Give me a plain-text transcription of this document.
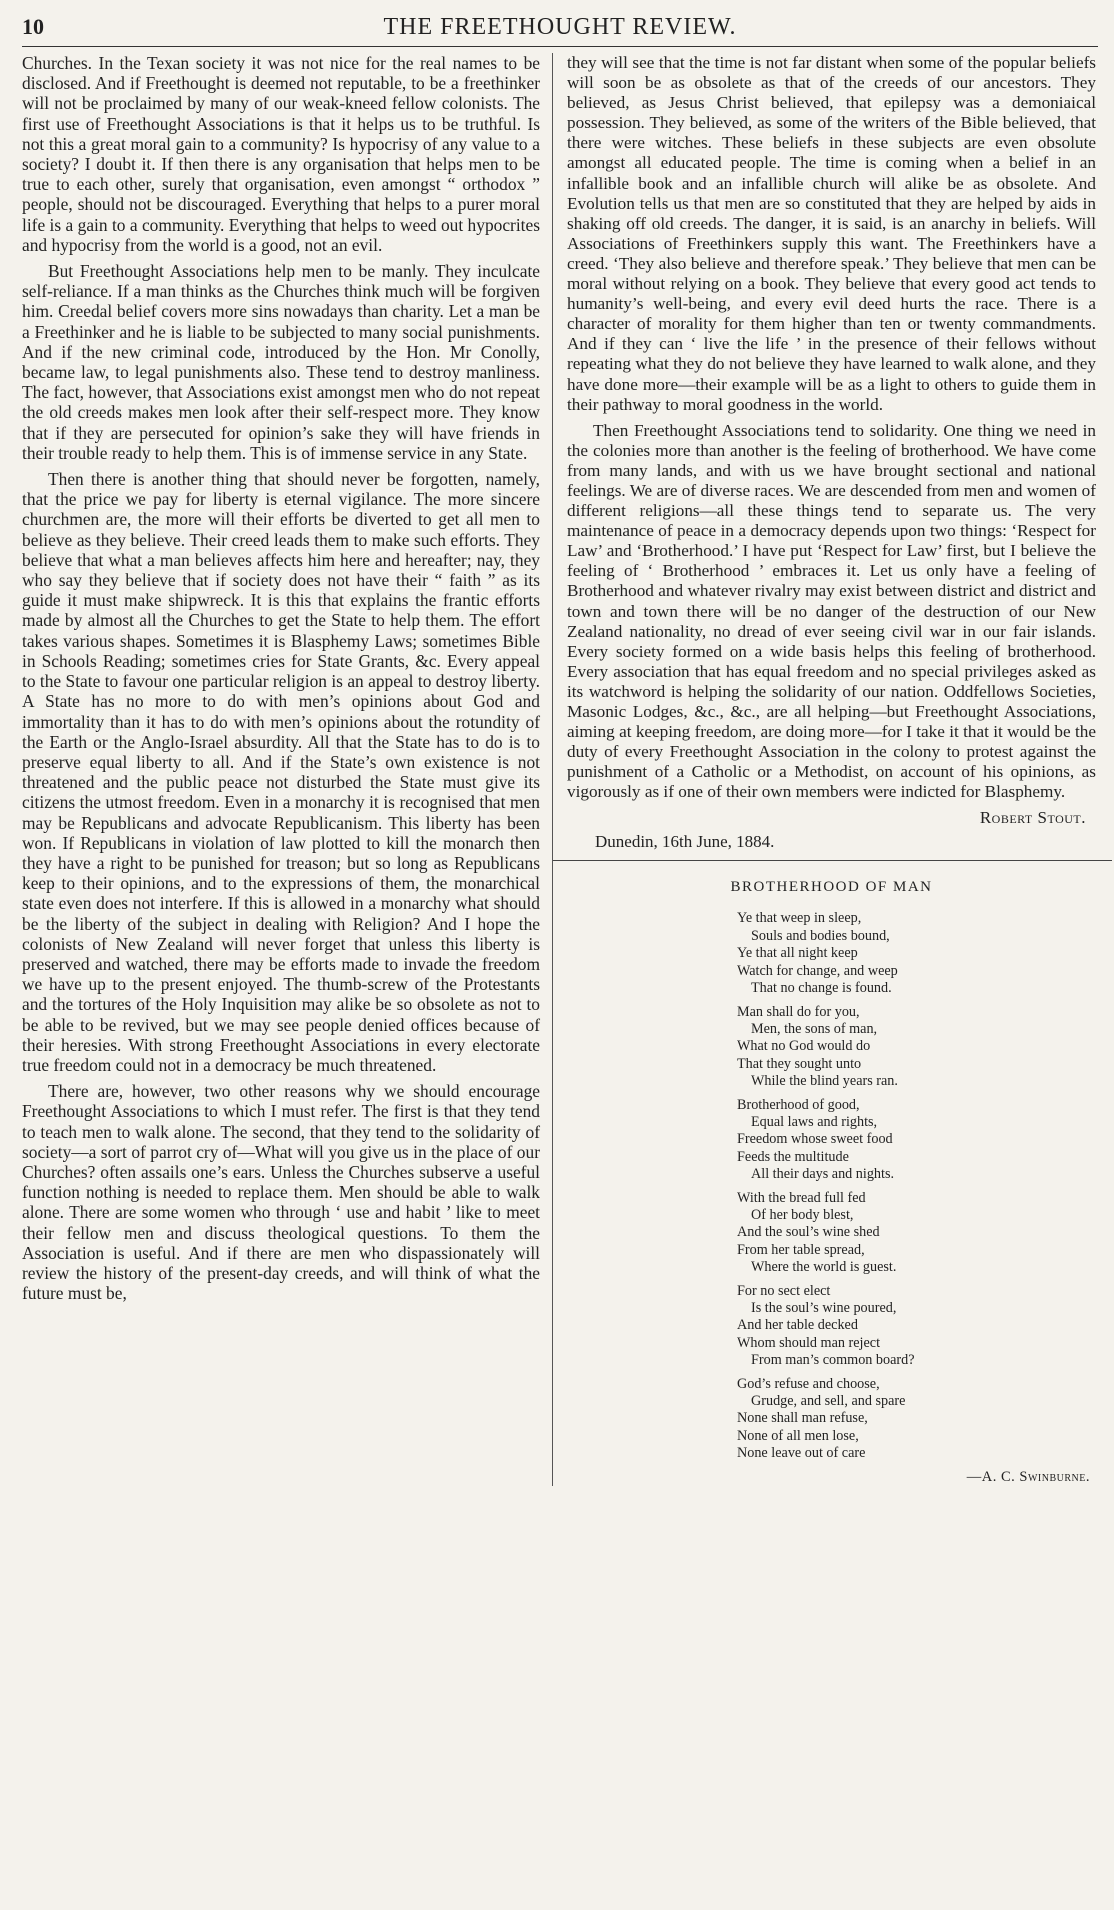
10	THE FREETHOUGHT REVIEW.

Churches. In the Texan society it was not nice for the real names to be disclosed. And if Freethought is deemed not reputable, to be a freethinker will not be proclaimed by many of our weak-kneed fellow colonists. The first use of Freethought Associations is that it helps us to be truthful. Is not this a great moral gain to a community? Is hypocrisy of any value to a society? I doubt it. If then there is any organisation that helps men to be true to each other, surely that organisation, even amongst “ orthodox ” people, should not be discouraged. Everything that helps to a purer moral life is a gain to a community. Everything that helps to weed out hypocrites and hypocrisy from the world is a good, not an evil.

But Freethought Associations help men to be manly. They inculcate self-reliance. If a man thinks as the Churches think much will be forgiven him. Creedal belief covers more sins nowadays than charity. Let a man be a Freethinker and he is liable to be subjected to many social punishments. And if the new criminal code, introduced by the Hon. Mr Conolly, became law, to legal punishments also. These tend to destroy manliness. The fact, however, that Associations exist amongst men who do not repeat the old creeds makes men look after their self-respect more. They know that if they are persecuted for opinion’s sake they will have friends in their trouble ready to help them. This is of immense service in any State.

Then there is another thing that should never be forgotten, namely, that the price we pay for liberty is eternal vigilance. The more sincere churchmen are, the more will their efforts be diverted to get all men to believe as they believe. Their creed leads them to make such efforts. They believe that what a man believes affects him here and hereafter; nay, they who say they believe that if society does not have their “ faith ” as its guide it must make shipwreck. It is this that explains the frantic efforts made by almost all the Churches to get the State to help them. The effort takes various shapes. Sometimes it is Blasphemy Laws; sometimes Bible in Schools Reading; sometimes cries for State Grants, &c. Every appeal to the State to favour one particular religion is an appeal to destroy liberty. A State has no more to do with men’s opinions about God and immortality than it has to do with men’s opinions about the rotundity of the Earth or the Anglo-Israel absurdity. All that the State has to do is to preserve equal liberty to all. And if the State’s own existence is not threatened and the public peace not disturbed the State must give its citizens the utmost freedom. Even in a monarchy it is recognised that men may be Republicans and advocate Republicanism. This liberty has been won. If Republicans in violation of law plotted to kill the monarch then they have a right to be punished for treason; but so long as Republicans keep to their opinions, and to the expressions of them, the monarchical state even does not interfere. If this is allowed in a monarchy what should be the liberty of the subject in dealing with Religion? And I hope the colonists of New Zealand will never forget that unless this liberty is preserved and watched, there may be efforts made to invade the freedom we have up to the present enjoyed. The thumb-screw of the Protestants and the tortures of the Holy Inquisition may alike be so obsolete as not to be able to be revived, but we may see people denied offices because of their heresies. With strong Freethought Associations in every electorate true freedom could not in a democracy be much threatened.

There are, however, two other reasons why we should encourage Freethought Associations to which I must refer. The first is that they tend to teach men to walk alone. The second, that they tend to the solidarity of society—a sort of parrot cry of—What will you give us in the place of our Churches? often assails one’s ears. Unless the Churches subserve a useful function nothing is needed to replace them. Men should be able to walk alone. There are some women who through ‘ use and habit ’ like to meet their fellow men and discuss theological questions. To them the Association is useful. And if there are men who dispassionately will review the history of the present-day creeds, and will think of what the future must be,

they will see that the time is not far distant when some of the popular beliefs will soon be as obsolete as that of the creeds of our ancestors. They believed, as Jesus Christ believed, that epilepsy was a demoniaical possession. They believed, as some of the writers of the Bible believed, that there were witches. These beliefs in these subjects are even obsolute amongst all educated people. The time is coming when a belief in an infallible book and an infallible church will alike be as obsolete. And Evolution tells us that men are so constituted that they are helped by aids in shaking off old creeds. The danger, it is said, is an anarchy in beliefs. Will Associations of Freethinkers supply this want. The Freethinkers have a creed. ‘They also believe and therefore speak.’ They believe that men can be moral without relying on a book. They believe that every good act tends to humanity’s well-being, and every evil deed hurts the race. There is a character of morality for them higher than ten or twenty commandments. And if they can ‘ live the life ’ in the presence of their fellows without repeating what they do not believe they have learned to walk alone, and they have done more—their example will be as a light to others to guide them in their pathway to moral goodness in the world.

Then Freethought Associations tend to solidarity. One thing we need in the colonies more than another is the feeling of brotherhood. We have come from many lands, and with us we have brought sectional and national feelings. We are of diverse races. We are descended from men and women of different religions—all these things tend to separate us. The very maintenance of peace in a democracy depends upon two things: ‘Respect for Law’ and ‘Brotherhood.’ I have put ‘Respect for Law’ first, but I believe the feeling of ‘ Brotherhood ’ embraces it. Let us only have a feeling of Brotherhood and whatever rivalry may exist between district and district and town and town there will be no danger of the destruction of our New Zealand nationality, no dread of ever seeing civil war in our fair islands. Every society formed on a wide basis helps this feeling of brotherhood. Every association that has equal freedom and no special privileges asked as its watchword is helping the solidarity of our nation. Oddfellows Societies, Masonic Lodges, &c., &c., are all helping—but Freethought Associations, aiming at keeping freedom, are doing more—for I take it that it would be the duty of every Freethought Association in the colony to protest against the punishment of a Catholic or a Methodist, on account of his opinions, as vigorously as if one of their own members were indicted for Blasphemy.

Robert Stout.
Dunedin, 16th June, 1884.
BROTHERHOOD OF MAN
Ye that weep in sleep,
Souls and bodies bound,
Ye that all night keep
Watch for change, and weep
That no change is found.
Man shall do for you,
Men, the sons of man,
What no God would do
That they sought unto
While the blind years ran.
Brotherhood of good,
Equal laws and rights,
Freedom whose sweet food
Feeds the multitude
All their days and nights.
With the bread full fed
Of her body blest,
And the soul’s wine shed
From her table spread,
Where the world is guest.
For no sect elect
Is the soul’s wine poured,
And her table decked
Whom should man reject
From man’s common board?
God’s refuse and choose,
Grudge, and sell, and spare
None shall man refuse,
None of all men lose,
None leave out of care
—A. C. Swinburne.
